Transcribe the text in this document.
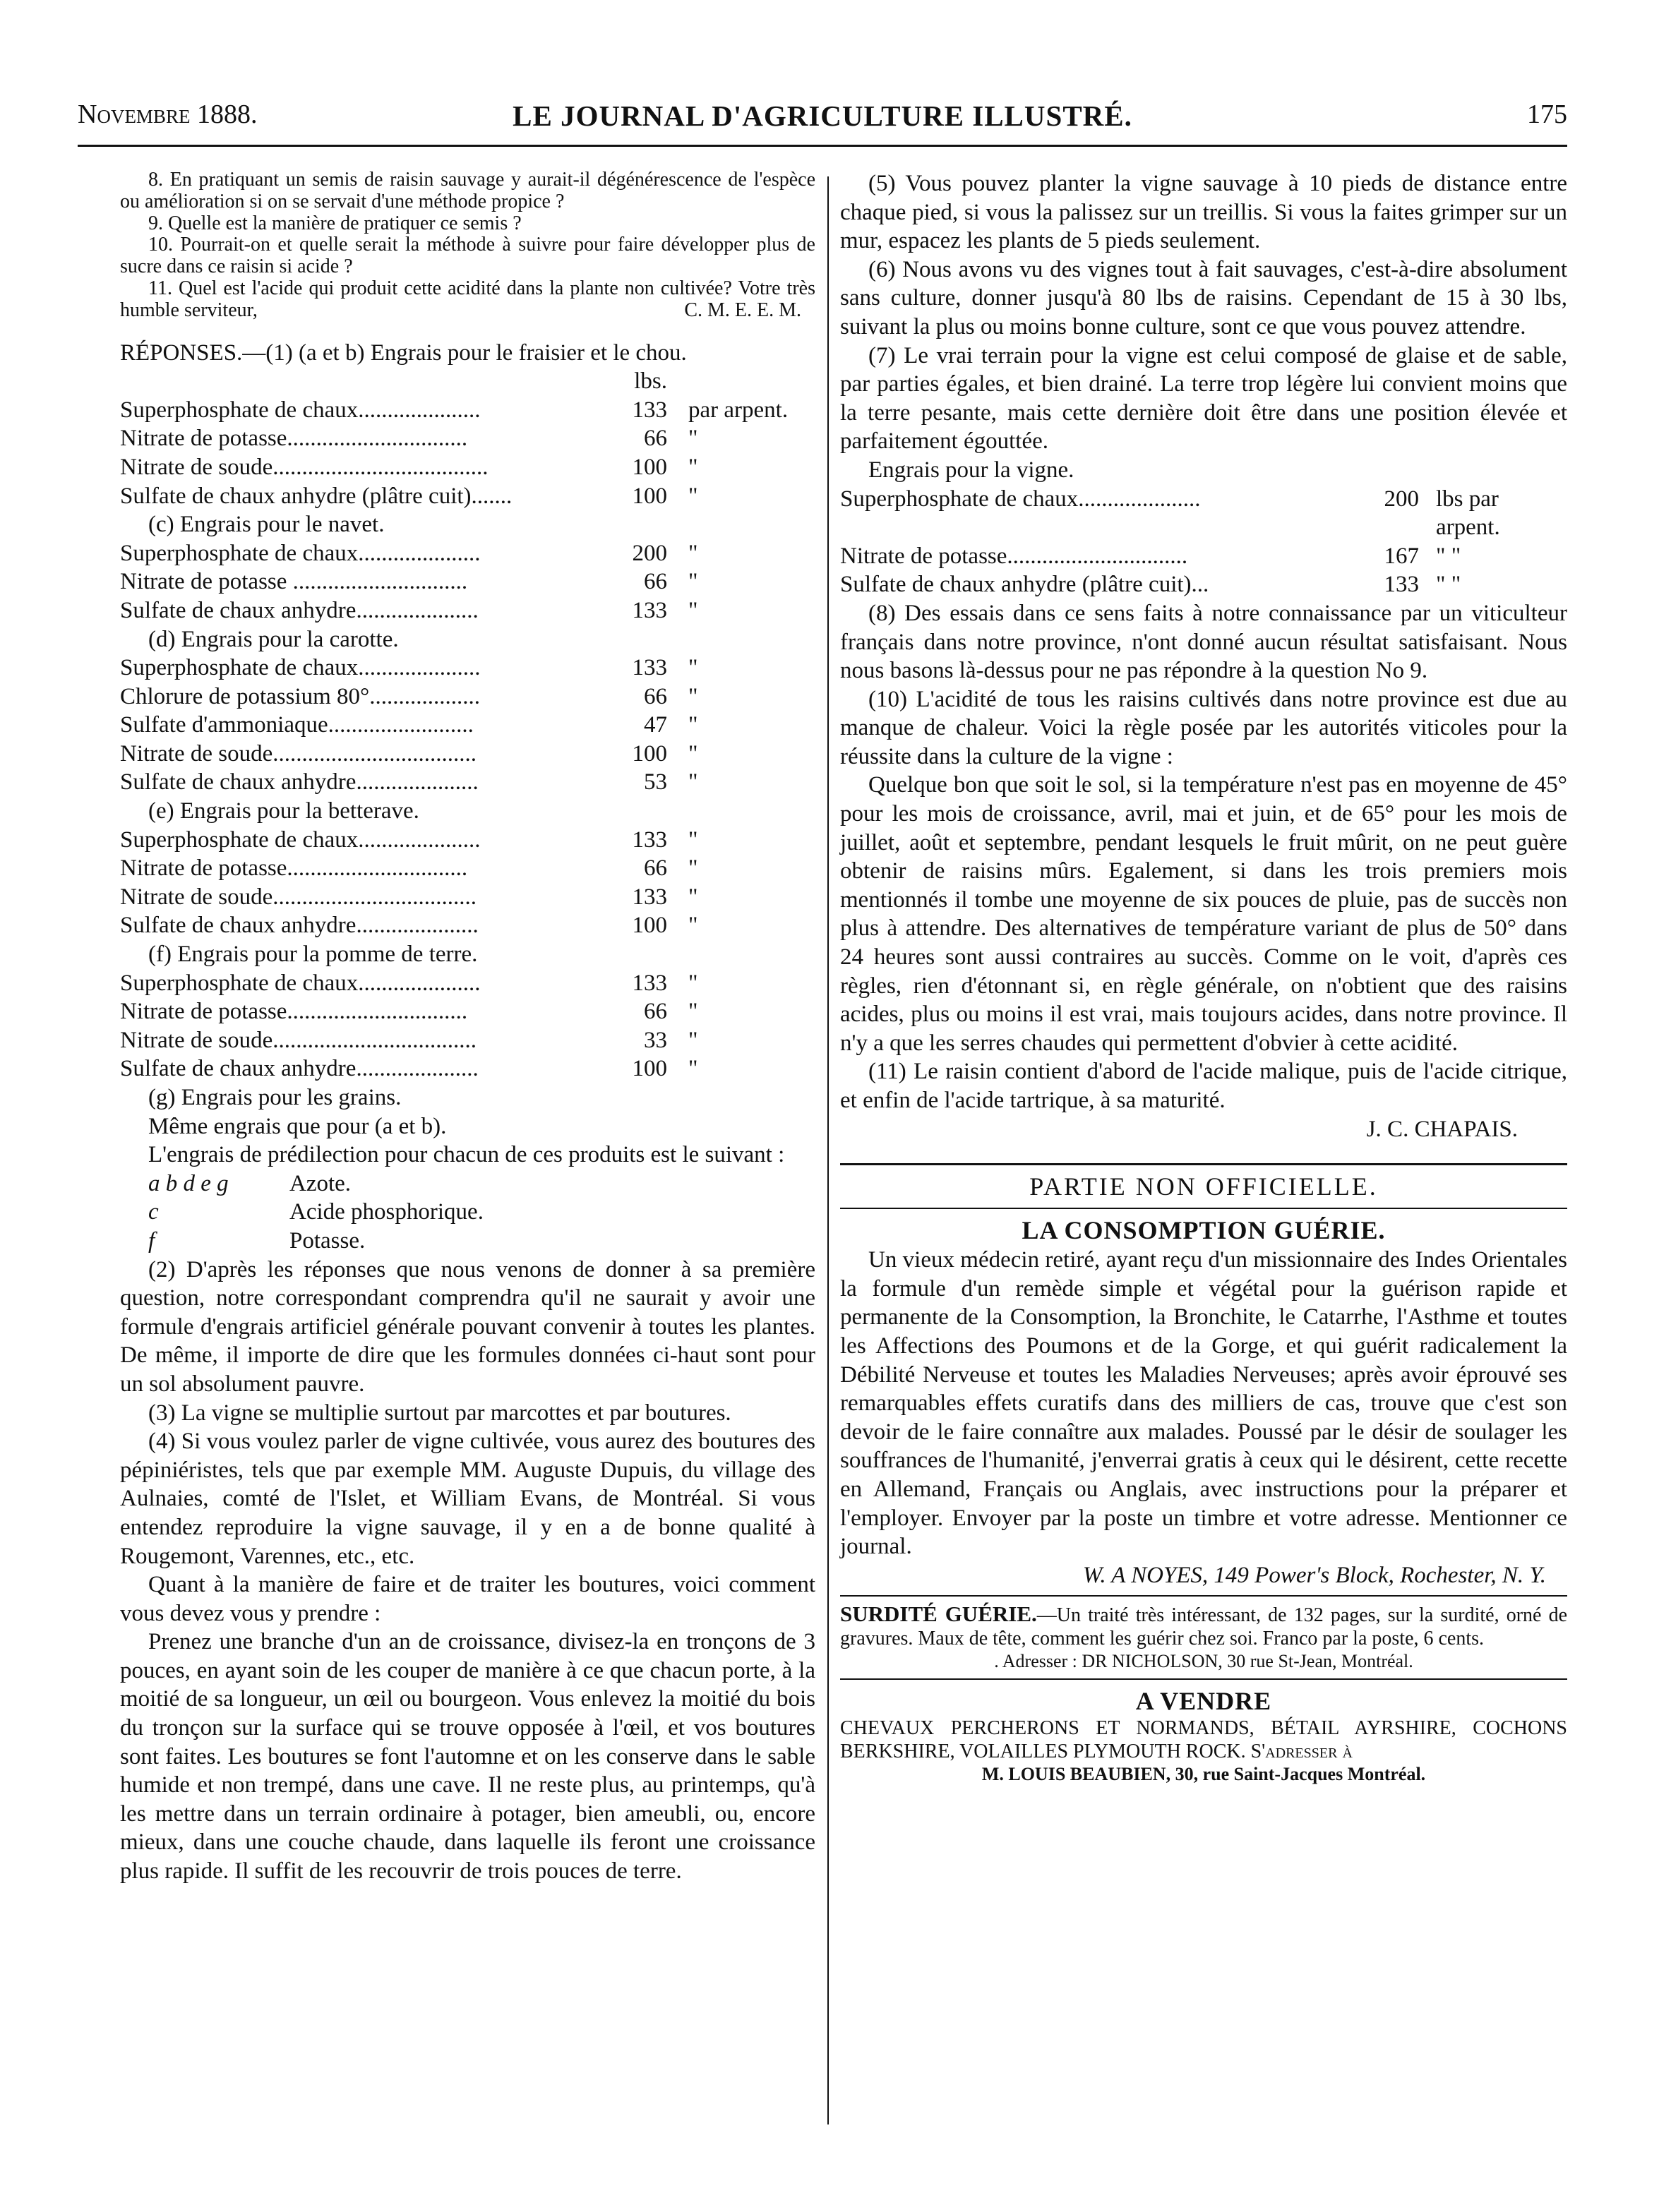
Novembre 1888.	LE JOURNAL D'AGRICULTURE ILLUSTRÉ.	175

8. En pratiquant un semis de raisin sauvage y aurait-il dégénérescence de l'espèce ou amélioration si on se servait d'une méthode propice ?

9. Quelle est la manière de pratiquer ce semis ?

10. Pourrait-on et quelle serait la méthode à suivre pour faire développer plus de sucre dans ce raisin si acide ?

11. Quel est l'acide qui produit cette acidité dans la plante non cultivée? Votre très humble serviteur,	C. M. E. E. M.

RÉPONSES.—(1) (a et b) Engrais pour le fraisier et le chou.

lbs.
Superphosphate de chaux.....................	133 par arpent.
Nitrate de potasse...............................	66 "
Nitrate de soude.....................................	100 "
Sulfate de chaux anhydre (plâtre cuit).......	100 "
(c) Engrais pour le navet.
Superphosphate de chaux.....................	200 "
Nitrate de potasse ..............................	66 "
Sulfate de chaux anhydre.....................	133 "
(d) Engrais pour la carotte.
Superphosphate de chaux.....................	133 "
Chlorure de potassium 80°...................	66 "
Sulfate d'ammoniaque.........................	47 "
Nitrate de soude...................................	100 "
Sulfate de chaux anhydre.....................	53 "
(e) Engrais pour la betterave.
Superphosphate de chaux.....................	133 "
Nitrate de potasse...............................	66 "
Nitrate de soude...................................	133 "
Sulfate de chaux anhydre.....................	100 "
(f) Engrais pour la pomme de terre.
Superphosphate de chaux.....................	133 "
Nitrate de potasse...............................	66 "
Nitrate de soude...................................	33 "
Sulfate de chaux anhydre.....................	100 "
(g) Engrais pour les grains.
Même engrais que pour (a et b).

L'engrais de prédilection pour chacun de ces produits est le suivant :

a b d e g	Azote.
c	Acide phosphorique.
f	Potasse.

(2) D'après les réponses que nous venons de donner à sa première question, notre correspondant comprendra qu'il ne saurait y avoir une formule d'engrais artificiel générale pouvant convenir à toutes les plantes. De même, il importe de dire que les formules données ci-haut sont pour un sol absolument pauvre.

(3) La vigne se multiplie surtout par marcottes et par boutures.

(4) Si vous voulez parler de vigne cultivée, vous aurez des boutures des pépiniéristes, tels que par exemple MM. Auguste Dupuis, du village des Aulnaies, comté de l'Islet, et William Evans, de Montréal. Si vous entendez reproduire la vigne sauvage, il y en a de bonne qualité à Rougemont, Varennes, etc., etc.

Quant à la manière de faire et de traiter les boutures, voici comment vous devez vous y prendre :

Prenez une branche d'un an de croissance, divisez-la en tronçons de 3 pouces, en ayant soin de les couper de manière à ce que chacun porte, à la moitié de sa longueur, un œil ou bourgeon. Vous enlevez la moitié du bois du tronçon sur la surface qui se trouve opposée à l'œil, et vos boutures sont faites. Les boutures se font l'automne et on les conserve dans le sable humide et non trempé, dans une cave. Il ne reste plus, au printemps, qu'à les mettre dans un terrain ordinaire à potager, bien ameubli, ou, encore mieux, dans une couche chaude, dans laquelle ils feront une croissance plus rapide. Il suffit de les recouvrir de trois pouces de terre.

(5) Vous pouvez planter la vigne sauvage à 10 pieds de distance entre chaque pied, si vous la palissez sur un treillis. Si vous la faites grimper sur un mur, espacez les plants de 5 pieds seulement.

(6) Nous avons vu des vignes tout à fait sauvages, c'est-à-dire absolument sans culture, donner jusqu'à 80 lbs de raisins. Cependant de 15 à 30 lbs, suivant la plus ou moins bonne culture, sont ce que vous pouvez attendre.

(7) Le vrai terrain pour la vigne est celui composé de glaise et de sable, par parties égales, et bien drainé. La terre trop légère lui convient moins que la terre pesante, mais cette dernière doit être dans une position élevée et parfaitement égouttée.

Engrais pour la vigne.
Superphosphate de chaux.....................	200 lbs par arpent.
Nitrate de potasse...............................	167 " "
Sulfate de chaux anhydre (plâtre cuit)...	133 " "

(8) Des essais dans ce sens faits à notre connaissance par un viticulteur français dans notre province, n'ont donné aucun résultat satisfaisant. Nous nous basons là-dessus pour ne pas répondre à la question No 9.

(10) L'acidité de tous les raisins cultivés dans notre province est due au manque de chaleur. Voici la règle posée par les autorités viticoles pour la réussite dans la culture de la vigne :

Quelque bon que soit le sol, si la température n'est pas en moyenne de 45° pour les mois de croissance, avril, mai et juin, et de 65° pour les mois de juillet, août et septembre, pendant lesquels le fruit mûrit, on ne peut guère obtenir de raisins mûrs. Egalement, si dans les trois premiers mois mentionnés il tombe une moyenne de six pouces de pluie, pas de succès non plus à attendre. Des alternatives de température variant de plus de 50° dans 24 heures sont aussi contraires au succès. Comme on le voit, d'après ces règles, rien d'étonnant si, en règle générale, on n'obtient que des raisins acides, plus ou moins il est vrai, mais toujours acides, dans notre province. Il n'y a que les serres chaudes qui permettent d'obvier à cette acidité.

(11) Le raisin contient d'abord de l'acide malique, puis de l'acide citrique, et enfin de l'acide tartrique, à sa maturité.

J. C. CHAPAIS.
PARTIE NON OFFICIELLE.
LA CONSOMPTION GUÉRIE.

Un vieux médecin retiré, ayant reçu d'un missionnaire des Indes Orientales la formule d'un remède simple et végétal pour la guérison rapide et permanente de la Consomption, la Bronchite, le Catarrhe, l'Asthme et toutes les Affections des Poumons et de la Gorge, et qui guérit radicalement la Débilité Nerveuse et toutes les Maladies Nerveuses; après avoir éprouvé ses remarquables effets curatifs dans des milliers de cas, trouve que c'est son devoir de le faire connaître aux malades. Poussé par le désir de soulager les souffrances de l'humanité, j'enverrai gratis à ceux qui le désirent, cette recette en Allemand, Français ou Anglais, avec instructions pour la préparer et l'employer. Envoyer par la poste un timbre et votre adresse. Mentionner ce journal.

W. A NOYES, 149 Power's Block, Rochester, N. Y.
SURDITÉ GUÉRIE.—Un traité très intéressant, de 132 pages, sur la surdité, orné de gravures. Maux de tête, comment les guérir chez soi. Franco par la poste, 6 cents.
. Adresser : DR NICHOLSON, 30 rue St-Jean, Montréal.
A VENDRE
CHEVAUX PERCHERONS ET NORMANDS, BÉTAIL AYRSHIRE, COCHONS BERKSHIRE, VOLAILLES PLYMOUTH ROCK. S'adresser à
M. LOUIS BEAUBIEN, 30, rue Saint-Jacques Montréal.
